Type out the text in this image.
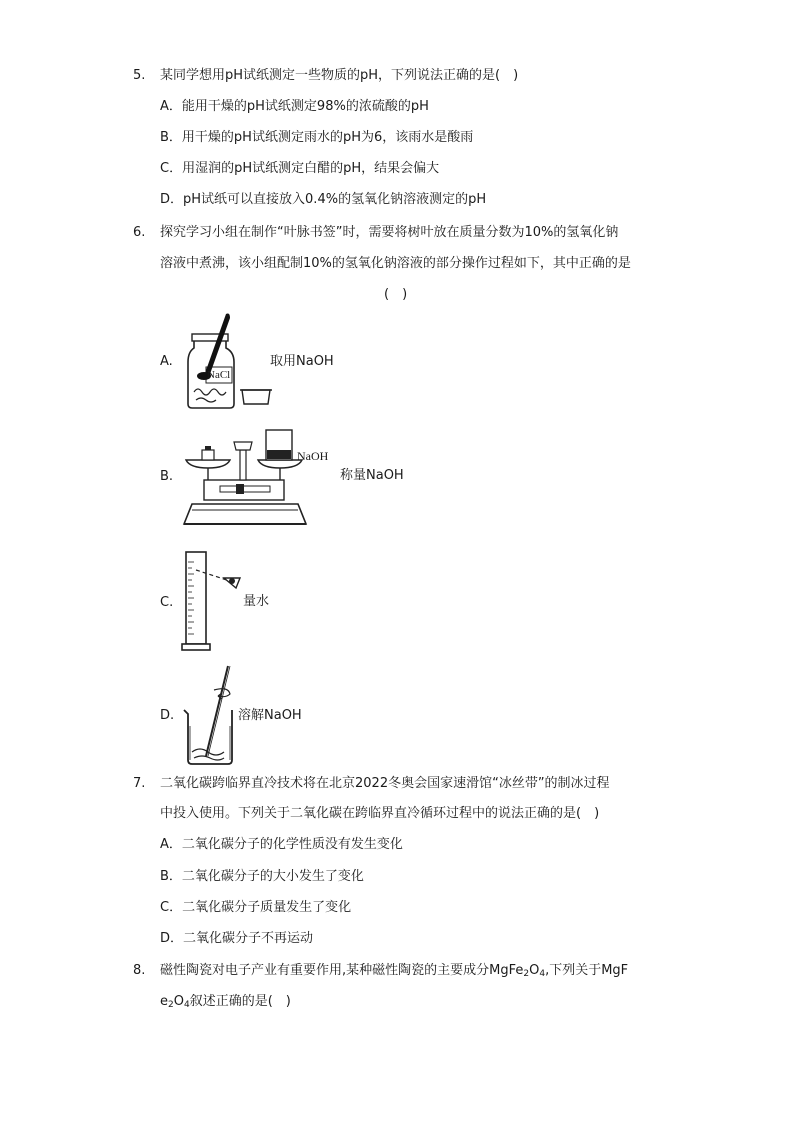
5. 某同学想用pH试纸测定一些物质的pH，下列说法正确的是(　)
A．能用干燥的pH试纸测定98%的浓硫酸的pH
B．用干燥的pH试纸测定雨水的pH为6，该雨水是酸雨
C．用湿润的pH试纸测定白醋的pH，结果会偏大
D．pH试纸可以直接放入0.4%的氢氧化钠溶液测定的pH
6. 探究学习小组在制作“叶脉书签”时，需要将树叶放在质量分数为10%的氢氧化钠
溶液中煮沸，该小组配制10%的氢氧化钠溶液的部分操作过程如下，其中正确的是
(　)
A.
NaCl
取用NaOH
B.
NaOH
称量NaOH
C.	量水
D.	溶解NaOH
7. 二氧化碳跨临界直冷技术将在北京2022冬奥会国家速滑馆“冰丝带”的制冰过程
中投入使用。下列关于二氧化碳在跨临界直冷循环过程中的说法正确的是(　)
A．二氧化碳分子的化学性质没有发生变化
B．二氧化碳分子的大小发生了变化
C．二氧化碳分子质量发生了变化
D．二氧化碳分子不再运动
8. 磁性陶瓷对电子产业有重要作用,某种磁性陶瓷的主要成分$MgFe_2O_4$,下列关于MgF
$e_2O_4$叙述正确的是(　)
